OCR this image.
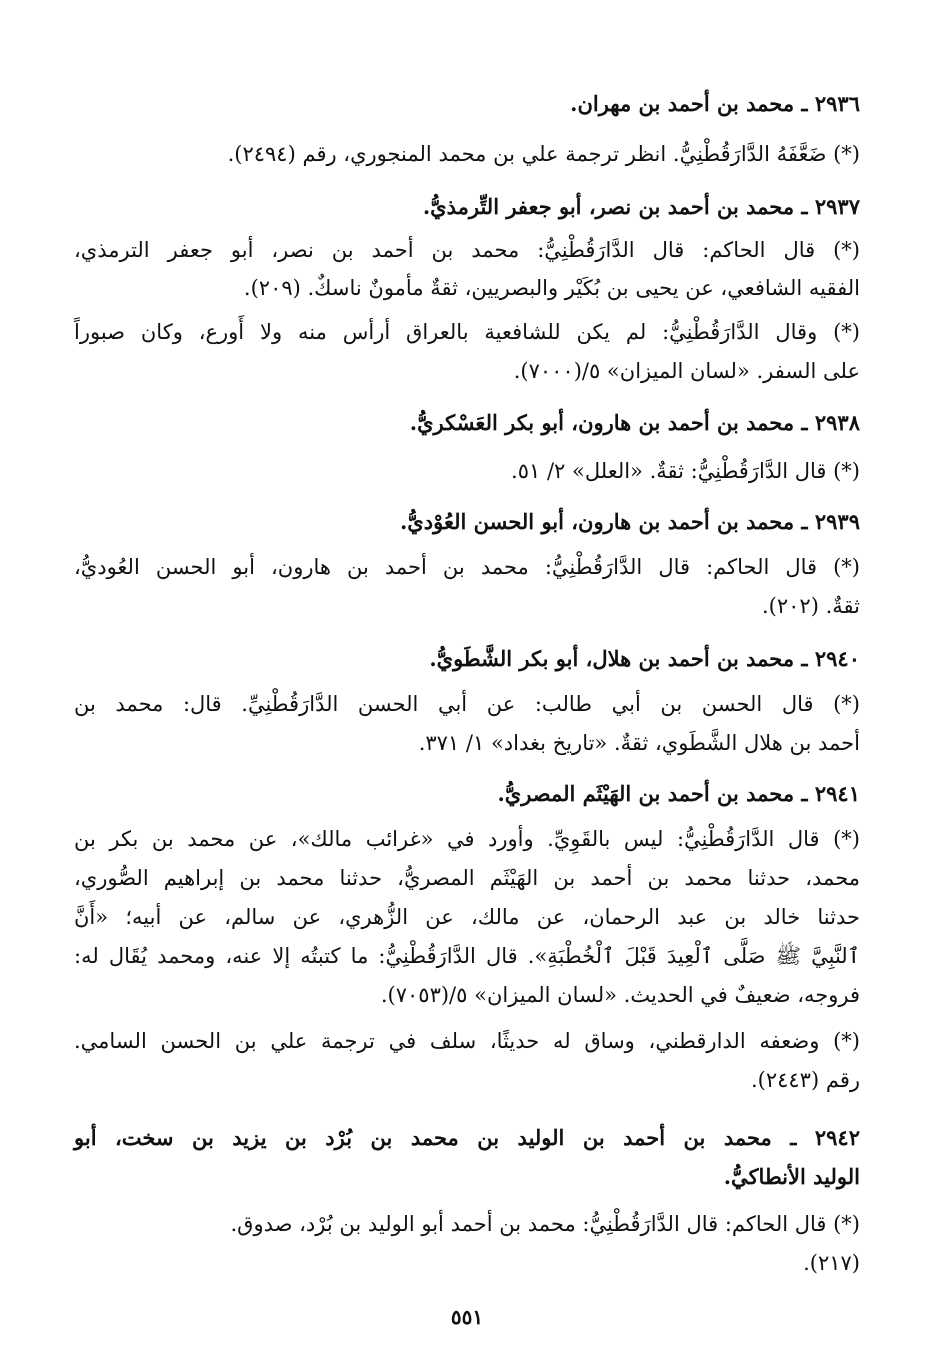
٢٩٣٦ ـ محمد بن أحمد بن مهران.
(*) ضَعَّفَهُ الدَّارَقُطْنِيُّ. انظر ترجمة علي بن محمد المنجوري، رقم (٢٤٩٤).
٢٩٣٧ ـ محمد بن أحمد بن نصر، أبو جعفر التِّرمذيُّ.
(*) قال الحاكم: قال الدَّارَقُطْنِيُّ: محمد بن أحمد بن نصر، أبو جعفر الترمذي،
الفقيه الشافعي، عن يحيى بن بُكَيْر والبصريين، ثقةٌ مأمونٌ ناسكٌ. (٢٠٩).
(*) وقال الدَّارَقُطْنِيُّ: لم يكن للشافعية بالعراق أرأس منه ولا أَورع، وكان صبوراً
على السفر. «لسان الميزان» ٥/(٧٠٠٠).
٢٩٣٨ ـ محمد بن أحمد بن هارون، أبو بكر العَسْكريُّ.
(*) قال الدَّارَقُطْنِيُّ: ثقةٌ. «العلل» ٢/ ٥١.
٢٩٣٩ ـ محمد بن أحمد بن هارون، أبو الحسن العُوْديُّ.
(*) قال الحاكم: قال الدَّارَقُطْنِيُّ: محمد بن أحمد بن هارون، أبو الحسن العُوديُّ،
ثقةٌ. (٢٠٢).
٢٩٤٠ ـ محمد بن أحمد بن هلال، أبو بكر الشَّطَويُّ.
(*) قال الحسن بن أبي طالب: عن أبي الحسن الدَّارَقُطْنِيِّ. قال: محمد بن
أحمد بن هلال الشَّطَوي، ثقةٌ. «تاريخ بغداد» ١/ ٣٧١.
٢٩٤١ ـ محمد بن أحمد بن الهَيْثَم المصريُّ.
(*) قال الدَّارَقُطْنِيُّ: ليس بالقَوِيِّ. وأورد في «غرائب مالك»، عن محمد بن بكر بن
محمد، حدثنا محمد بن أحمد بن الهَيْثَم المصريُّ، حدثنا محمد بن إبراهيم الصُّوري،
حدثنا خالد بن عبد الرحمان، عن مالك، عن الزُّهري، عن سالم، عن أبيه؛ «أَنَّ
ٱلنَّبِيَّ ﷺ صَلَّى ٱلْعِيدَ قَبْلَ ٱلْخُطْبَةِ». قال الدَّارَقُطْنِيُّ: ما كتبتُه إلا عنه، ومحمد يُقَال له:
فروجه، ضعيفٌ في الحديث. «لسان الميزان» ٥/(٧٠٥٣).
(*) وضعفه الدارقطني، وساق له حديثًا، سلف في ترجمة علي بن الحسن السامي.
رقم (٢٤٤٣).
٢٩٤٢ ـ محمد بن أحمد بن الوليد بن محمد بن بُرْد بن يزيد بن سخت، أبو
الوليد الأنطاكيُّ.
(*) قال الحاكم: قال الدَّارَقُطْنِيُّ: محمد بن أحمد أبو الوليد بن بُرْد، صدوق.
(٢١٧).
٥٥١
